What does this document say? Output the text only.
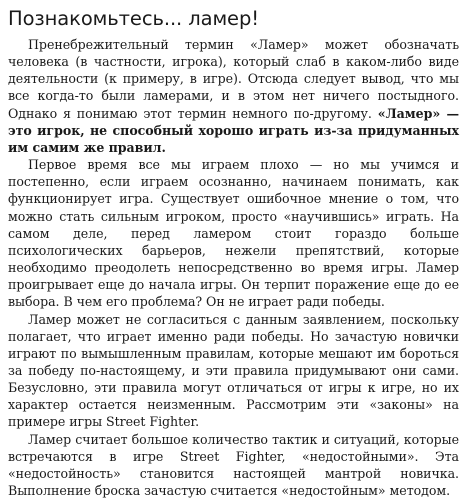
Познакомьтесь... ламер!

Пренебрежительный термин «Ламер» может обозначать человека (в частности, игрока), который слаб в каком-либо виде деятельности (к примеру, в игре). Отсюда следует вывод, что мы все когда-то были ламерами, и в этом нет ничего постыдного. Однако я понимаю этот термин немного по-другому. «Ламер» — это игрок, не способный хорошо играть из-за придуманных им самим же правил.

Первое время все мы играем плохо — но мы учимся и постепенно, если играем осознанно, начинаем понимать, как функционирует игра. Существует ошибочное мнение о том, что можно стать сильным игроком, просто «научившись» играть. На самом деле, перед ламером стоит гораздо больше психологических барьеров, нежели препятствий, которые необходимо преодолеть непосредственно во время игры. Ламер проигрывает еще до начала игры. Он терпит поражение еще до ее выбора. В чем его проблема? Он не играет ради победы.

Ламер может не согласиться с данным заявлением, поскольку полагает, что играет именно ради победы. Но зачастую новички играют по вымышленным правилам, которые мешают им бороться за победу по-настоящему, и эти правила придумывают они сами. Безусловно, эти правила могут отличаться от игры к игре, но их характер остается неизменным. Рассмотрим эти «законы» на примере игры Street Fighter.

Ламер считает большое количество тактик и ситуаций, которые встречаются в игре Street Fighter, «недостойными». Эта «недостойность» становится настоящей мантрой новичка. Выполнение броска зачастую считается «недостойным» методом.
